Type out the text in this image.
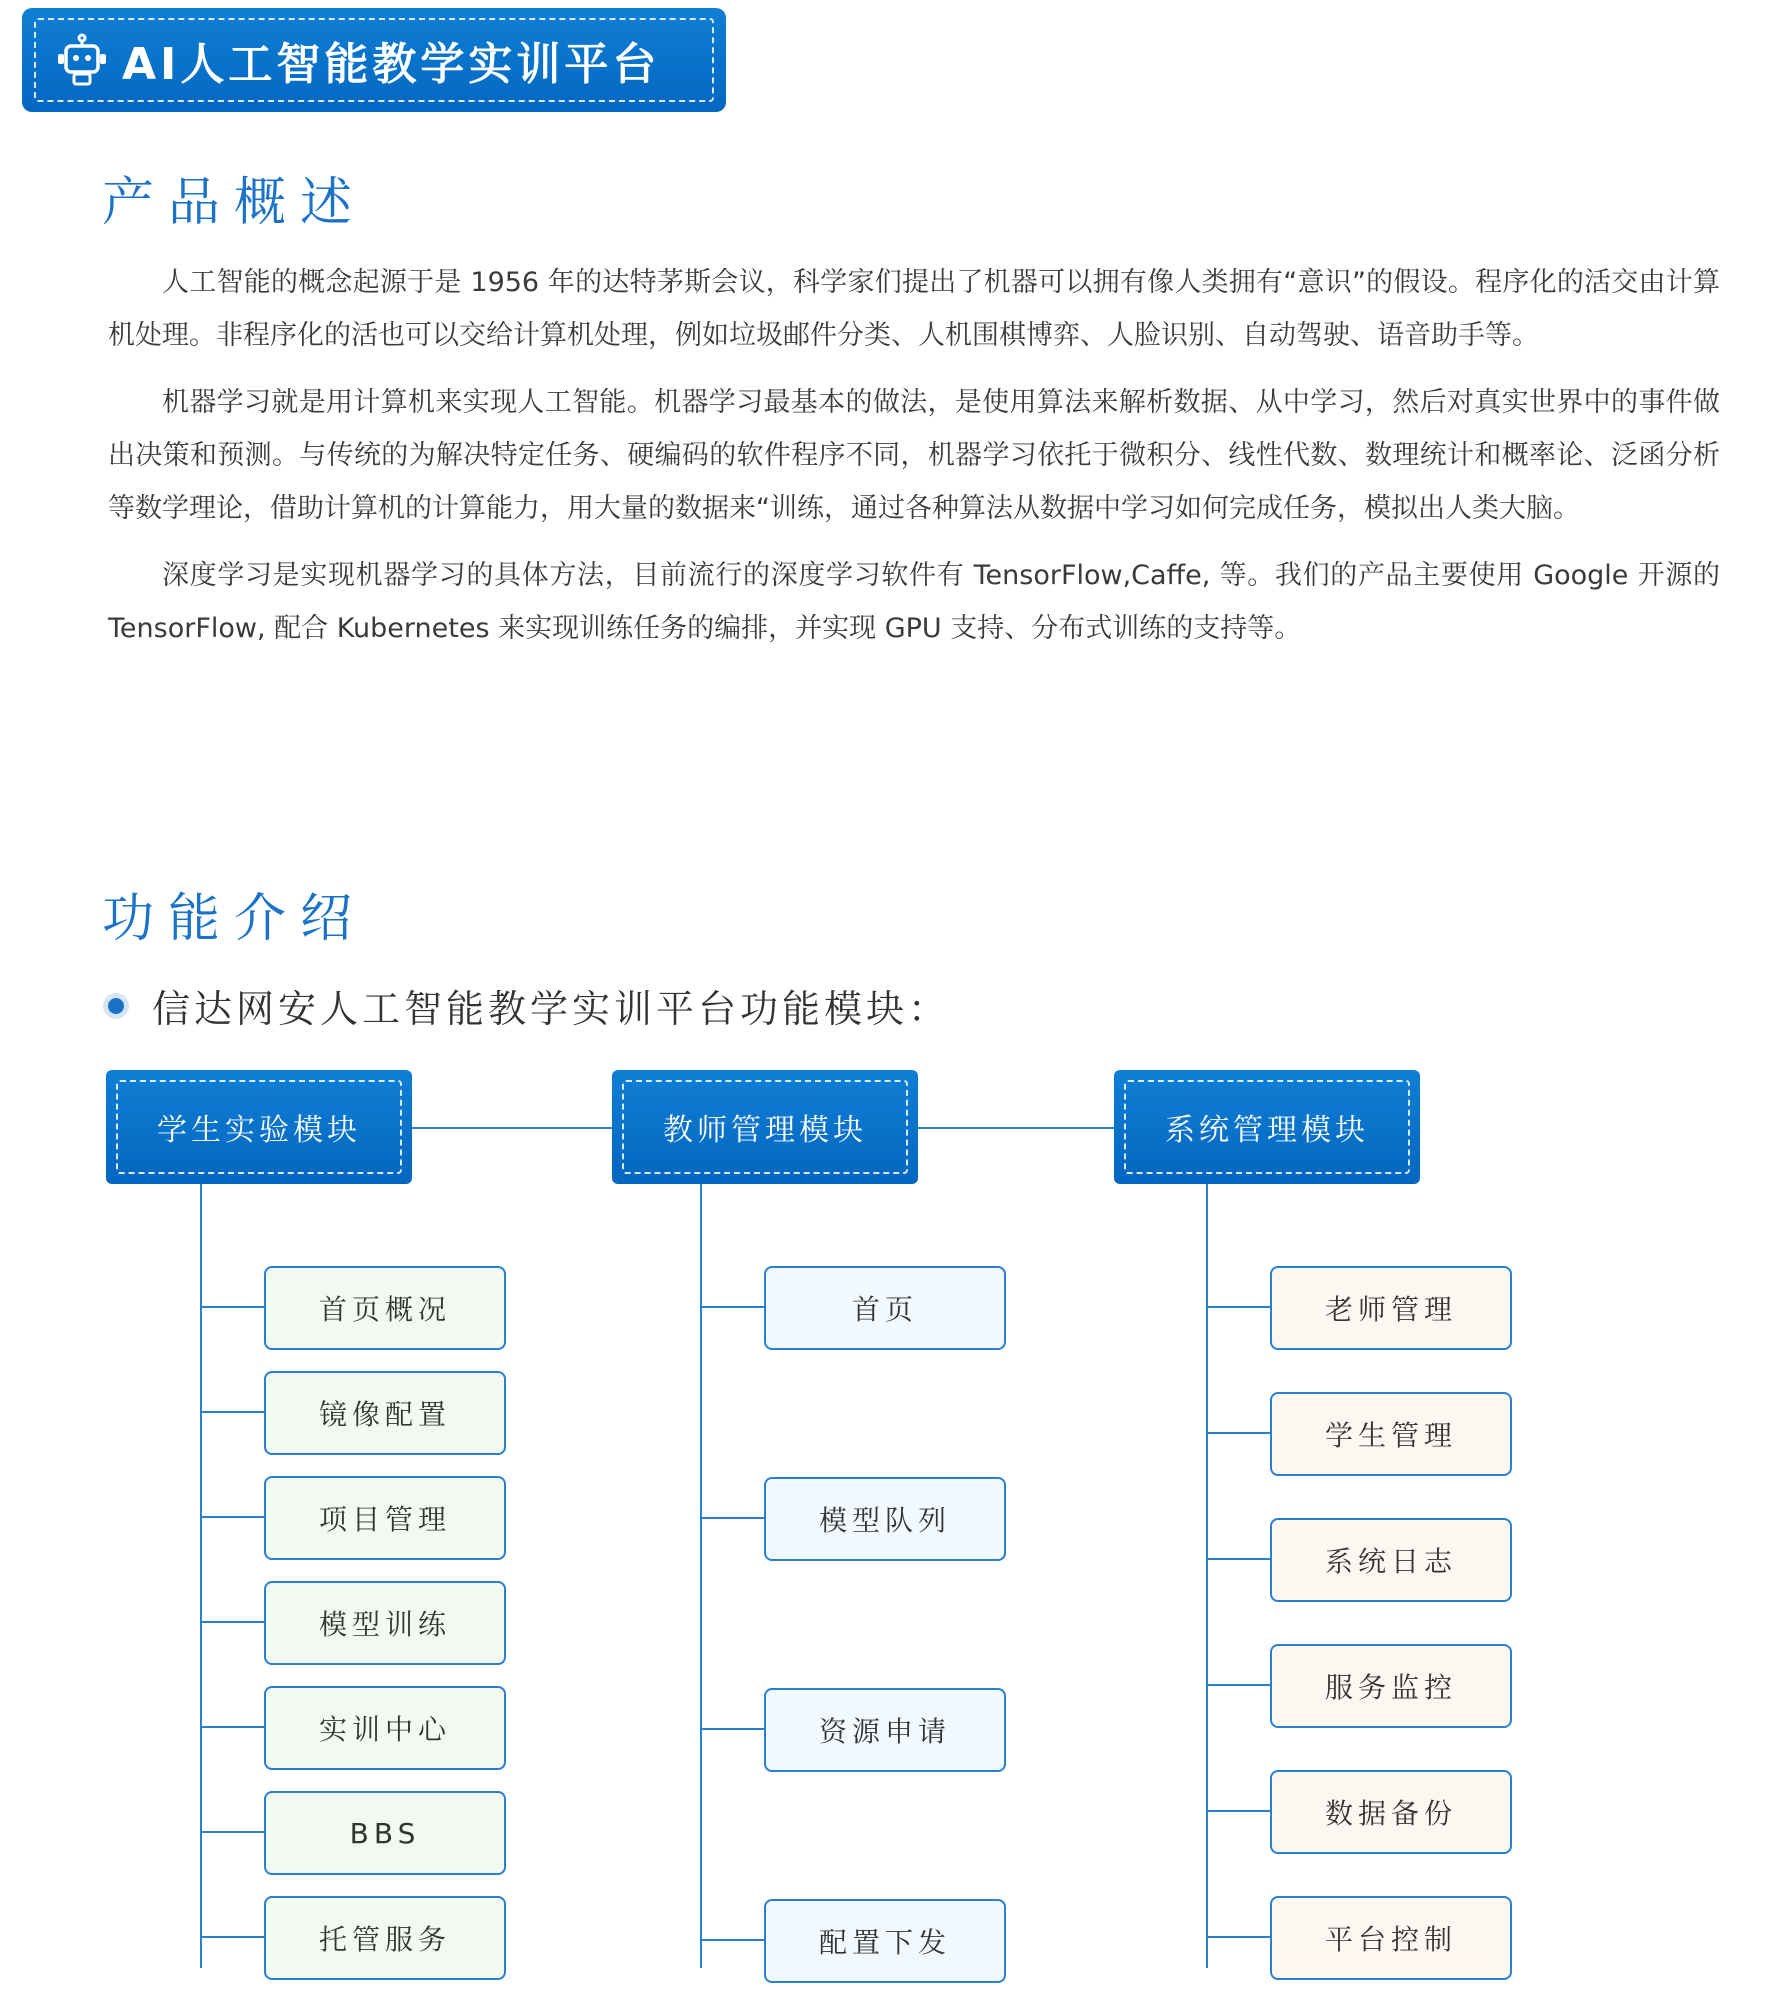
AI人工智能教学实训平台
产品概述

人工智能的概念起源于是 1956 年的达特茅斯会议，科学家们提出了机器可以拥有像人类拥有“意识”的假设。程序化的活交由计算机处理。非程序化的活也可以交给计算机处理，例如垃圾邮件分类、人机围棋博弈、人脸识别、自动驾驶、语音助手等。

机器学习就是用计算机来实现人工智能。机器学习最基本的做法，是使用算法来解析数据、从中学习，然后对真实世界中的事件做出决策和预测。与传统的为解决特定任务、硬编码的软件程序不同，机器学习依托于微积分、线性代数、数理统计和概率论、泛函分析等数学理论，借助计算机的计算能力，用大量的数据来“训练，通过各种算法从数据中学习如何完成任务，模拟出人类大脑。

深度学习是实现机器学习的具体方法，目前流行的深度学习软件有 TensorFlow,Caffe, 等。我们的产品主要使用 Google 开源的 TensorFlow, 配合 Kubernetes 来实现训练任务的编排，并实现 GPU 支持、分布式训练的支持等。

功能介绍
信达网安人工智能教学实训平台功能模块：
学生实验模块
首页概况
镜像配置
项目管理
模型训练
实训中心
BBS
托管服务
教师管理模块
首页
模型队列
资源申请
配置下发
系统管理模块
老师管理
学生管理
系统日志
服务监控
数据备份
平台控制
